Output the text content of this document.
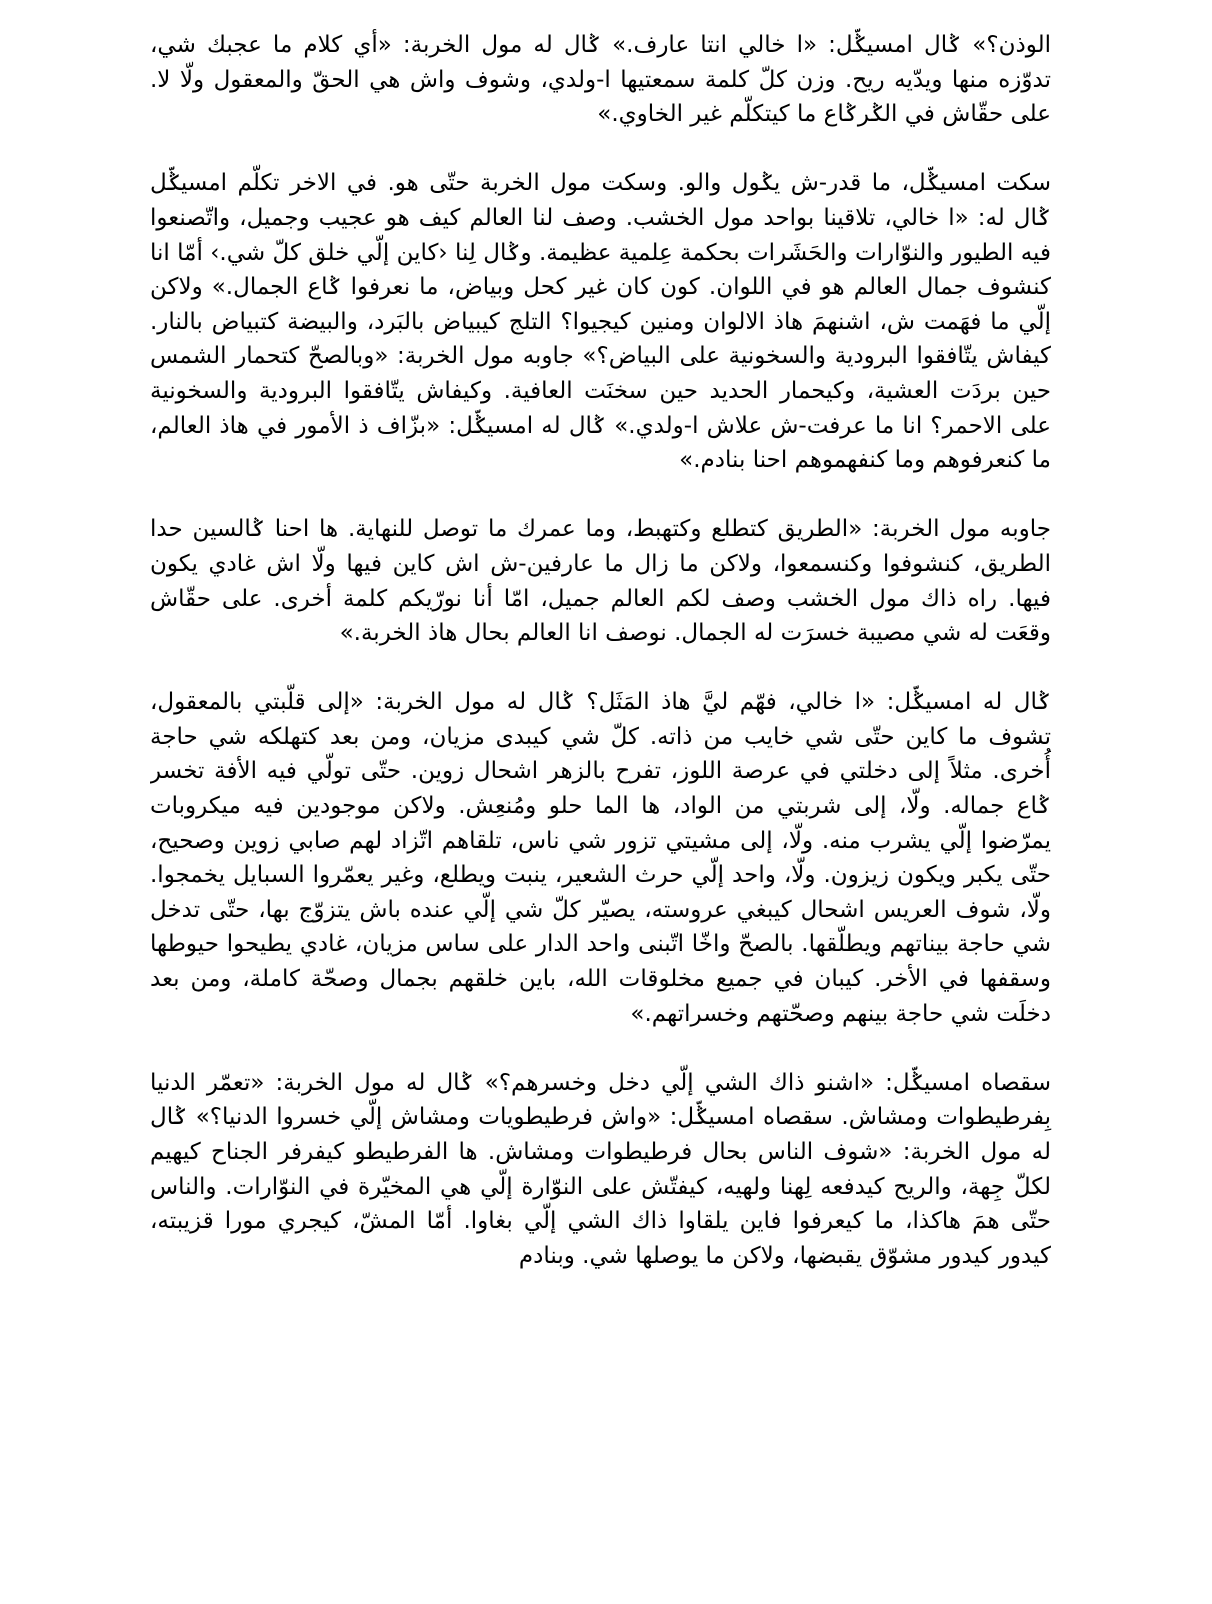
الوذن؟» ݣال امسيݣّل: «ا خالي انتا عارف.» ݣال له مول الخربة: «أي كلام ما عجبك شي، تدوّزه منها ويدّيه ريح. وزن كلّ كلمة سمعتيها ا-ولدي، وشوف واش هي الحقّ والمعقول ولّا لا. على حقّاش في الݣرݣاع ما كيتكلّم غير الخاوي.»

سكت امسيݣّل، ما قدر-ش يݣول والو. وسكت مول الخربة حتّى هو. في الاخر تكلّم امسيݣّل ݣال له: «ا خالي، تلاقينا بواحد مول الخشب. وصف لنا العالم كيف هو عجيب وجميل، واتّصنعوا فيه الطيور والنوّارات والحَشَرات بحكمة عِلمية عظيمة. وݣال لِنا ‹كاين إلّي خلق كلّ شي.› أمّا انا كنشوف جمال العالم هو في اللوان. كون كان غير كحل وبياض، ما نعرفوا ݣاع الجمال.» ولاكن إلّي ما فهَمت ش، اشنهمَ هاذ الالوان ومنين كيجيوا؟ التلج كيبياض بالبَرد، والبيضة كتبياض بالنار. كيفاش يتّافقوا البرودية والسخونية على البياض؟» جاوبه مول الخربة: «وبالصحّ كتحمار الشمس حين بردَت العشية، وكيحمار الحديد حين سخنَت العافية. وكيفاش يتّافقوا البرودية والسخونية على الاحمر؟ انا ما عرفت-ش علاش ا-ولدي.» ݣال له امسيݣّل: «بزّاف ذ الأمور في هاذ العالم، ما كنعرفوهم وما كنفهموهم احنا بنادم.»

جاوبه مول الخربة: «الطريق كتطلع وكتهبط، وما عمرك ما توصل للنهاية. ها احنا ݣالسين حدا الطريق، كنشوفوا وكنسمعوا، ولاكن ما زال ما عارفين-ش اش كاين فيها ولّا اش غادي يكون فيها. راه ذاك مول الخشب وصف لكم العالم جميل، امّا أنا نورّيكم كلمة أخرى. على حقّاش وقعَت له شي مصيبة خسرَت له الجمال. نوصف انا العالم بحال هاذ الخربة.»

ݣال له امسيݣّل: «ا خالي، فهّم ليَّ هاذ المَثَل؟ ݣال له مول الخربة: «إلى قلّبتي بالمعقول، تشوف ما كاين حتّى شي خايب من ذاته. كلّ شي كيبدى مزيان، ومن بعد كتهلكه شي حاجة أُخرى. مثلاً إلى دخلتي في عرصة اللوز، تفرح بالزهر اشحال زوين. حتّى تولّي فيه الأفة تخسر ݣاع جماله. ولّا، إلى شربتي من الواد، ها الما حلو ومُنعِش. ولاكن موجودين فيه ميكروبات يمرّضوا إلّي يشرب منه. ولّا، إلى مشيتي تزور شي ناس، تلقاهم اتّزاد لهم صابي زوين وصحيح، حتّى يكبر ويكون زيزون. ولّا، واحد إلّي حرث الشعير، ينبت ويطلع، وغير يعمّروا السبايل يخمجوا. ولّا، شوف العريس اشحال كيبغي عروسته، يصيّر كلّ شي إلّي عنده باش يتزوّج بها، حتّى تدخل شي حاجة بيناتهم ويطلّقها. بالصحّ واخّا اتّبنى واحد الدار على ساس مزيان، غادي يطيحوا حيوطها وسقفها في الأخر. كيبان في جميع مخلوقات الله، باين خلقهم بجمال وصحّة كاملة، ومن بعد دخلَت شي حاجة بينهم وصحّتهم وخسراتهم.»

سقصاه امسيݣّل: «اشنو ذاك الشي إلّي دخل وخسرهم؟» ݣال له مول الخربة: «تعمّر الدنيا بِفرطيطوات ومشاش. سقصاه امسيݣّل: «واش فرطيطويات ومشاش إلّي خسروا الدنيا؟» ݣال له مول الخربة: «شوف الناس بحال فرطيطوات ومشاش. ها الفرطيطو كيفرفر الجناح كيهيم لكلّ جِهة، والريح كيدفعه لِهنا ولهيه، كيفتّش على النوّارة إلّي هي المخيّرة في النوّارات. والناس حتّى همَ هاكذا، ما كيعرفوا فاين يلقاوا ذاك الشي إلّي بغاوا. أمّا المشّ، كيجري مورا قزيبته، كيدور كيدور مشوّق يقبضها، ولاكن ما يوصلها شي. وبنادم
